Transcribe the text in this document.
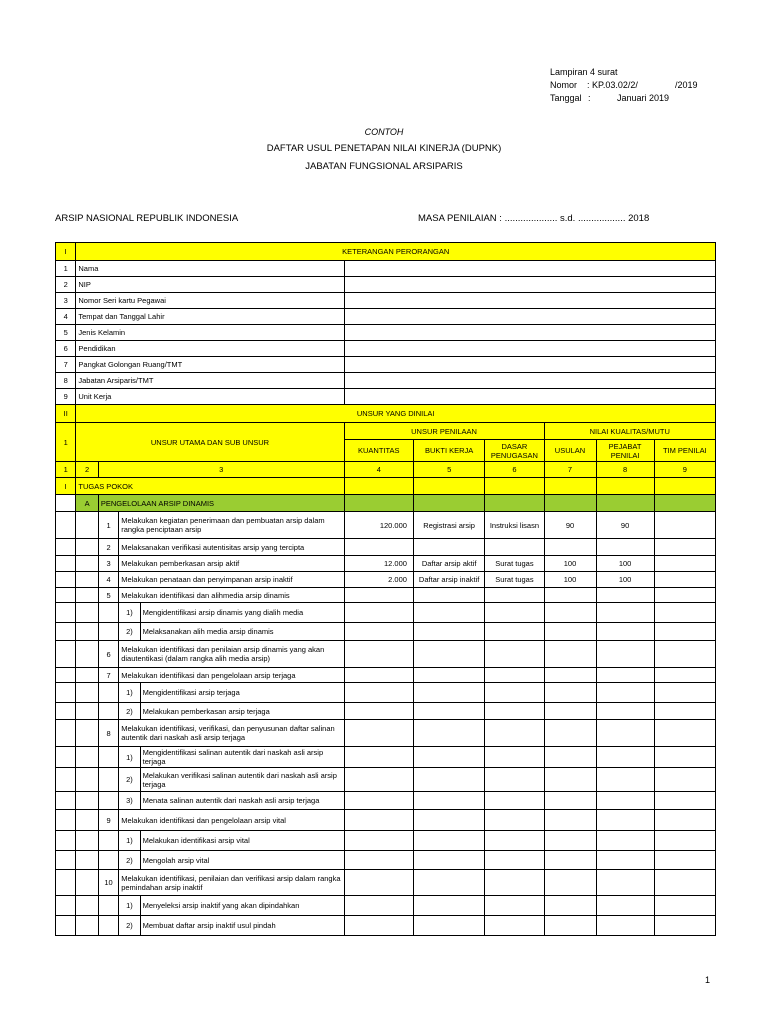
Lampiran 4 surat
Nomor : KP.03.02/2/	/2019
Tanggal :	Januari 2019
CONTOH
DAFTAR USUL PENETAPAN NILAI KINERJA (DUPNK)
JABATAN FUNGSIONAL ARSIPARIS
ARSIP NASIONAL REPUBLIK INDONESIA	MASA PENILAIAN : .................... s.d. .................. 2018
I	KETERANGAN PERORANGAN									
1	Nama									
2	NIP									
3	Nomor Seri kartu Pegawai									
4	Tempat dan Tanggal Lahir									
5	Jenis Kelamin									
6	Pendidikan									
7	Pangkat Golongan Ruang/TMT									
8	Jabatan Arsiparis/TMT									
9	Unit Kerja									
II	UNSUR YANG DINILAI									
1	UNSUR UTAMA DAN SUB UNSUR				UNSUR PENILAAN			NILAI KUALITAS/MUTU		
					KUANTITAS	BUKTI KERJA	DASAR PENUGASAN	USULAN	PEJABAT PENILAI	TIM PENILAI
1	2	3			4	5	6	7	8	9
I	TUGAS POKOK									
	A	PENGELOLAAN ARSIP DINAMIS								
		1	Melakukan kegiatan penerimaan dan pembuatan arsip dalam rangka penciptaan arsip		120.000	Registrasi arsip	Instruksi lisasn	90	90	
		2	Melaksanakan verifikasi autentisitas arsip yang tercipta							
		3	Melakukan pemberkasan arsip aktif		12.000	Daftar arsip aktif	Surat tugas	100	100	
		4	Melakukan penataan dan penyimpanan arsip inaktif		2.000	Daftar arsip inaktif	Surat tugas	100	100	
		5	Melakukan identifikasi dan alihmedia arsip dinamis							
			1)	Mengidentifikasi arsip dinamis yang dialih media						
			2)	Melaksanakan alih media arsip dinamis						
		6	Melakukan identifikasi dan penilaian arsip dinamis yang akan diautentikasi (dalam rangka alih media arsip)							
		7	Melakukan identifikasi dan pengelolaan arsip terjaga							
			1)	Mengidentifikasi arsip terjaga						
			2)	Melakukan pemberkasan arsip terjaga						
		8	Melakukan identifikasi, verifikasi, dan penyusunan daftar salinan autentik dari naskah asli arsip terjaga							
			1)	Mengidentifikasi salinan autentik dari naskah asli arsip terjaga						
			2)	Melakukan verifikasi salinan autentik dari naskah asli arsip terjaga						
			3)	Menata salinan autentik dari naskah asli arsip terjaga						
		9	Melakukan identifikasi dan pengelolaan arsip vital							
			1)	Melakukan identifikasi arsip vital						
			2)	Mengolah arsip vital						
		10	Melakukan identifikasi, penilaian dan verifikasi arsip dalam rangka pemindahan arsip inaktif							
			1)	Menyeleksi arsip inaktif yang akan dipindahkan						
			2)	Membuat daftar arsip inaktif usul pindah						
1
